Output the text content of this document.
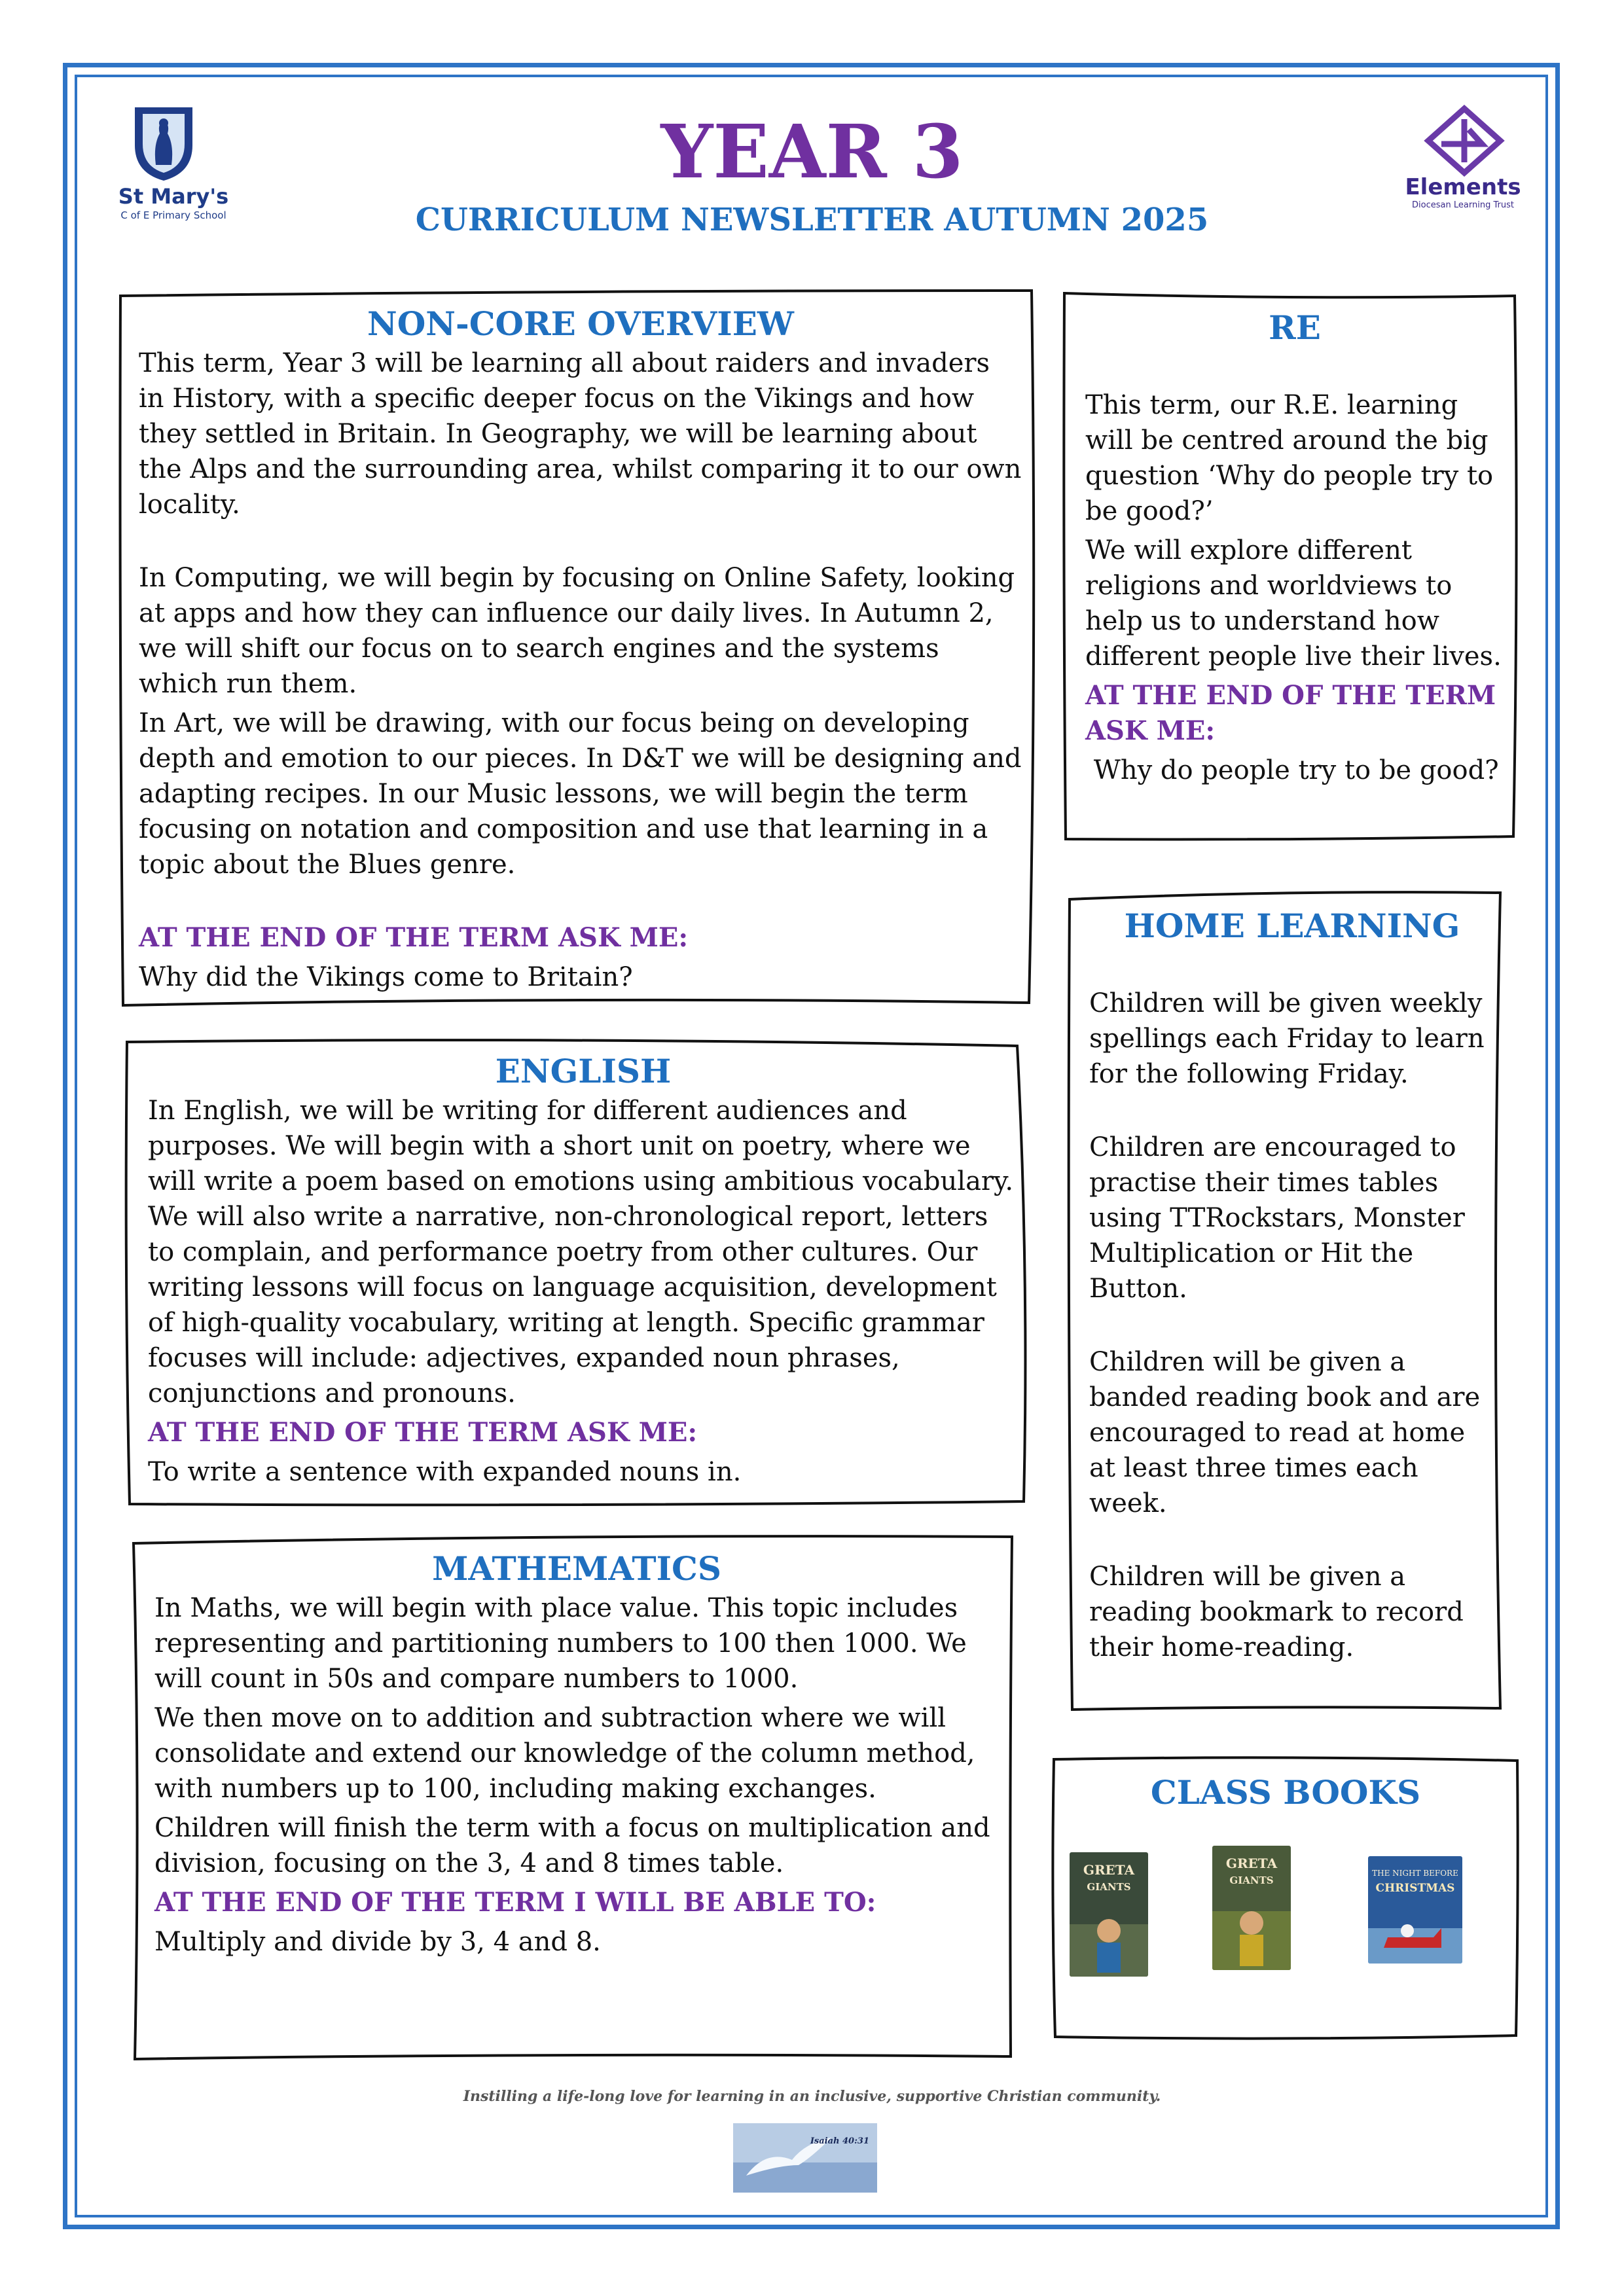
St Mary's
C of E Primary School
Elements
Diocesan Learning Trust
YEAR 3
CURRICULUM NEWSLETTER AUTUMN 2025
NON-CORE OVERVIEW
This term, Year 3 will be learning all about raiders and invaders in History, with a specific deeper focus on the Vikings and how they settled in Britain. In Geography, we will be learning about the Alps and the surrounding area, whilst comparing it to our own locality.
In Computing, we will begin by focusing on Online Safety, looking at apps and how they can influence our daily lives. In Autumn 2, we will shift our focus on to search engines and the systems which run them.
In Art, we will be drawing, with our focus being on developing depth and emotion to our pieces. In D&T we will be designing and adapting recipes. In our Music lessons, we will begin the term focusing on notation and composition and use that learning in a topic about the Blues genre.
AT THE END OF THE TERM ASK ME:
Why did the Vikings come to Britain?
ENGLISH
In English, we will be writing for different audiences and purposes. We will begin with a short unit on poetry, where we will write a poem based on emotions using ambitious vocabulary. We will also write a narrative, non-chronological report, letters to complain, and performance poetry from other cultures. Our writing lessons will focus on language acquisition, development of high-quality vocabulary, writing at length. Specific grammar focuses will include: adjectives, expanded noun phrases, conjunctions and pronouns.
AT THE END OF THE TERM ASK ME:
To write a sentence with expanded nouns in.
MATHEMATICS
In Maths, we will begin with place value. This topic includes representing and partitioning numbers to 100 then 1000. We will count in 50s and compare numbers to 1000.
We then move on to addition and subtraction where we will consolidate and extend our knowledge of the column method, with numbers up to 100, including making exchanges.
Children will finish the term with a focus on multiplication and division, focusing on the 3, 4 and 8 times table.
AT THE END OF THE TERM I WILL BE ABLE TO:
Multiply and divide by 3, 4 and 8.
RE
This term, our R.E. learning will be centred around the big question ‘Why do people try to be good?’
We will explore different religions and worldviews to help us to understand how different people live their lives.
AT THE END OF THE TERM ASK ME:
Why do people try to be good?
HOME LEARNING
Children will be given weekly spellings each Friday to learn for the following Friday.
Children are encouraged to practise their times tables using TTRockstars, Monster Multiplication or Hit the Button.
Children will be given a banded reading book and are encouraged to read at home at least three times each week.
Children will be given a reading bookmark to record their home-reading.
CLASS BOOKS
GRETA
GIANTS
GRETA
GIANTS
THE NIGHT BEFORE
CHRISTMAS
Instilling a life-long love for learning in an inclusive, supportive Christian community.
Isaiah 40:31
